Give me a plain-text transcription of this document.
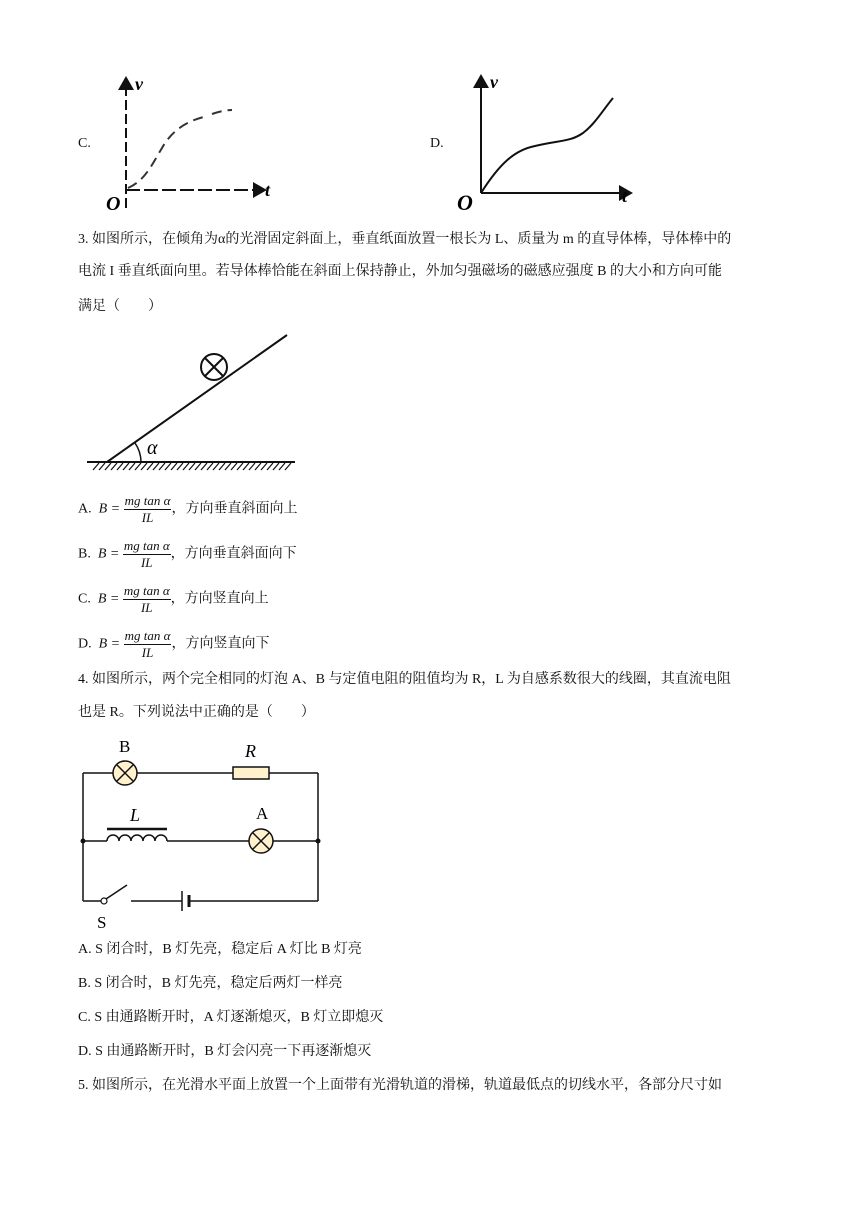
C.
v
t
O
D.
v
t
O
3. 如图所示，在倾角为α的光滑固定斜面上，垂直纸面放置一根长为 L、质量为 m 的直导体棒，导体棒中的
电流 I 垂直纸面向里。若导体棒恰能在斜面上保持静止，外加匀强磁场的磁感应强度 B 的大小和方向可能
满足（　　）
α
A. $B = \frac{\text{mg tan α}}{IL}$ ，方向垂直斜面向上
B. $B = \frac{\text{mg tan α}}{IL}$ ，方向垂直斜面向下
C. $B = \frac{\text{mg tan α}}{IL}$ ，方向竖直向上
D. $B = \frac{\text{mg tan α}}{IL}$ ，方向竖直向下
4. 如图所示，两个完全相同的灯泡 A、B 与定值电阻的阻值均为 R，L 为自感系数很大的线圈，其直流电阻
也是 R。下列说法中正确的是（　　）
B	R
L	A
S
A. S 闭合时，B 灯先亮，稳定后 A 灯比 B 灯亮
B. S 闭合时，B 灯先亮，稳定后两灯一样亮
C. S 由通路断开时，A 灯逐渐熄灭，B 灯立即熄灭
D. S 由通路断开时，B 灯会闪亮一下再逐渐熄灭
5. 如图所示，在光滑水平面上放置一个上面带有光滑轨道的滑梯，轨道最低点的切线水平，各部分尺寸如
